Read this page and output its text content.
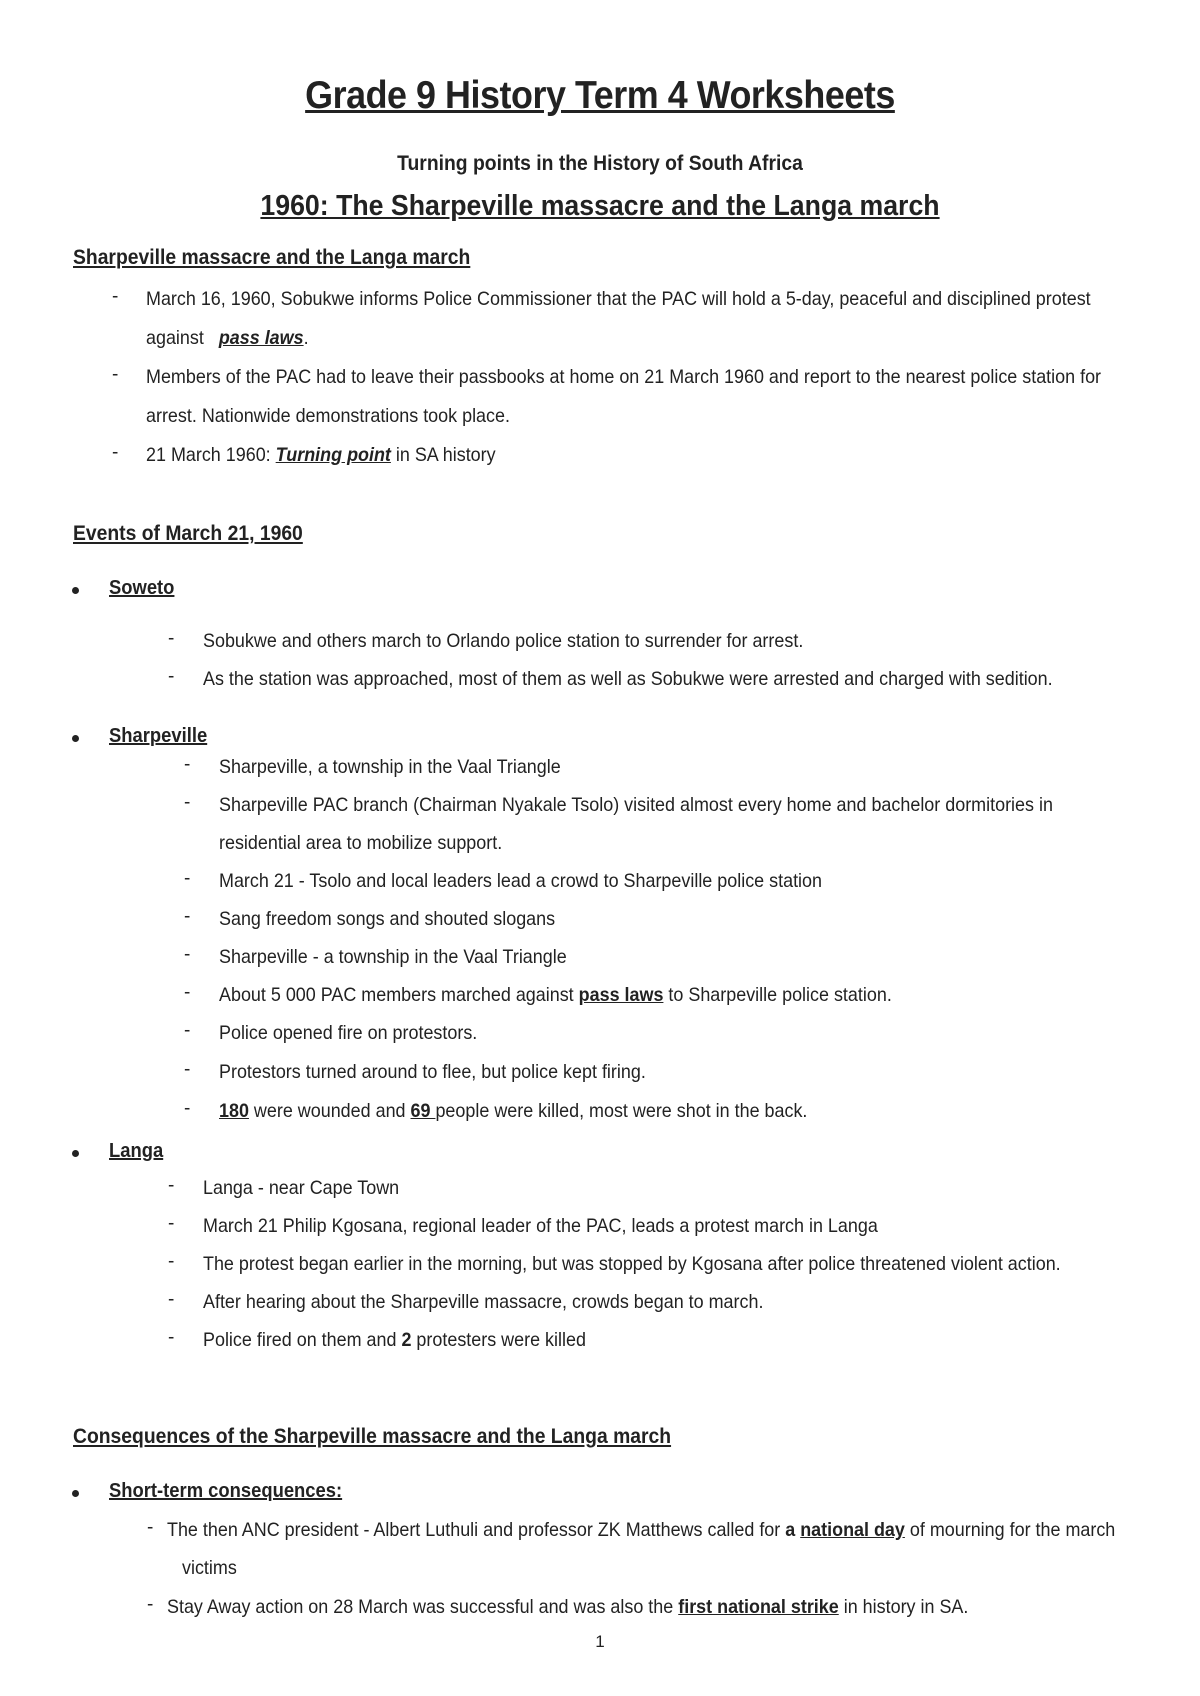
Grade 9 History Term 4 Worksheets
Turning points in the History of South Africa
1960: The Sharpeville massacre and the Langa march
Sharpeville massacre and the Langa march
- March 16, 1960, Sobukwe informs Police Commissioner that the PAC will hold a 5-day, peaceful and disciplined protest
against   pass laws.
- Members of the PAC had to leave their passbooks at home on 21 March 1960 and report to the nearest police station for
arrest. Nationwide demonstrations took place.
- 21 March 1960: Turning point in SA history
Events of March 21, 1960
Soweto
- Sobukwe and others march to Orlando police station to surrender for arrest.
- As the station was approached, most of them as well as Sobukwe were arrested and charged with sedition.
Sharpeville
- Sharpeville, a township in the Vaal Triangle
- Sharpeville PAC branch (Chairman Nyakale Tsolo) visited almost every home and bachelor dormitories in
residential area to mobilize support.
- March 21 - Tsolo and local leaders lead a crowd to Sharpeville police station
- Sang freedom songs and shouted slogans
- Sharpeville - a township in the Vaal Triangle
- About 5 000 PAC members marched against pass laws to Sharpeville police station.
- Police opened fire on protestors.
- Protestors turned around to flee, but police kept firing.
- 180 were wounded and 69 people were killed, most were shot in the back.
Langa
- Langa - near Cape Town
- March 21 Philip Kgosana, regional leader of the PAC, leads a protest march in Langa
- The protest began earlier in the morning, but was stopped by Kgosana after police threatened violent action.
- After hearing about the Sharpeville massacre, crowds began to march.
- Police fired on them and 2 protesters were killed
Consequences of the Sharpeville massacre and the Langa march
Short-term consequences:
- The then ANC president - Albert Luthuli and professor ZK Matthews called for a national day of mourning for the march
victims
- Stay Away action on 28 March was successful and was also the first national strike in history in SA.
1
